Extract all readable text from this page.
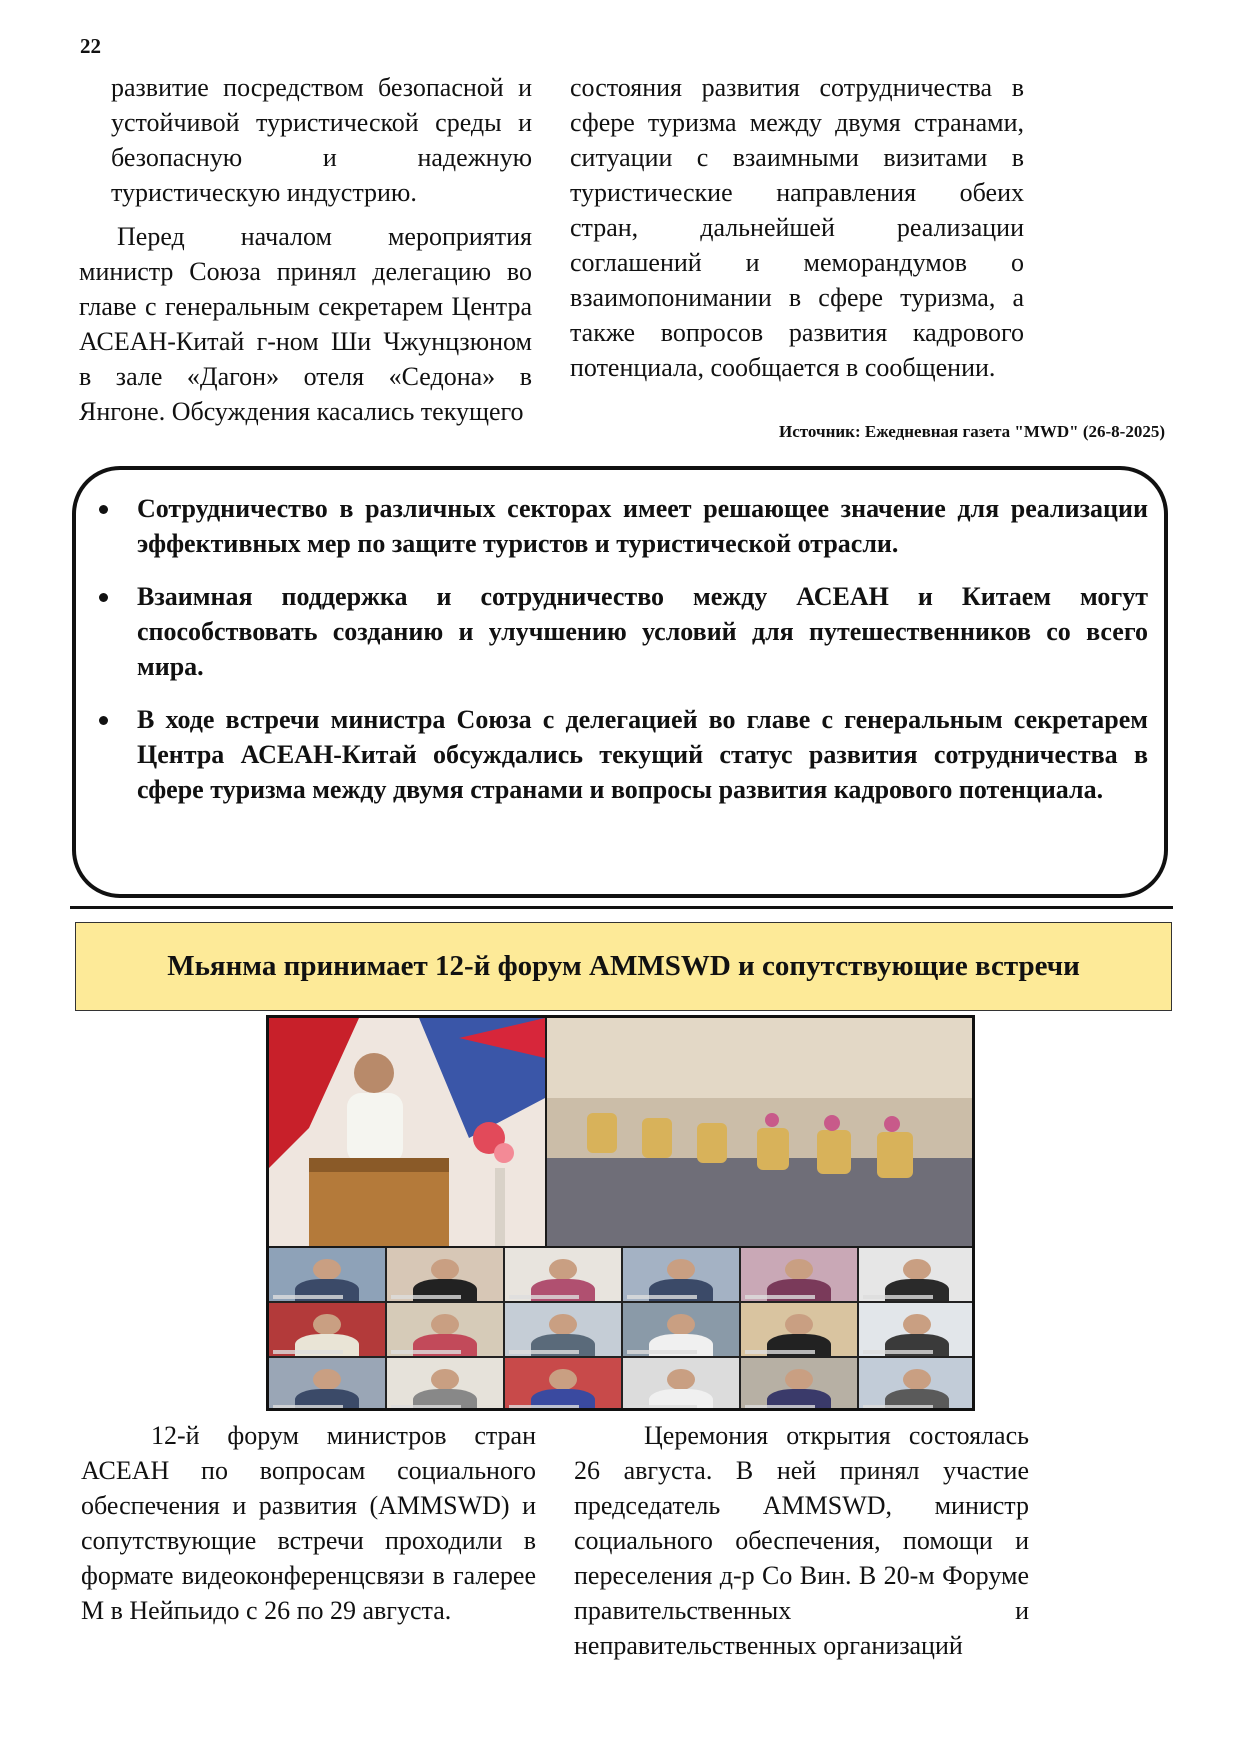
22

развитие посредством безопасной и устойчивой туристической среды и безопасную и надежную туристическую индустрию.

Перед началом мероприятия министр Союза принял делегацию во главе с генеральным секретарем Центра АСЕАН-Китай г-ном Ши Чжунцзюном в зале «Дагон» отеля «Седона» в Янгоне. Обсуждения касались текущего

состояния развития сотрудничества в сфере туризма между двумя странами, ситуации с взаимными визитами в туристические направления обеих стран, дальнейшей реализации соглашений и меморандумов о взаимопонимании в сфере туризма, а также вопросов развития кадрового потенциала, сообщается в сообщении.

Источник: Ежедневная газета "MWD" (26-8-2025)
Сотрудничество в различных секторах имеет решающее значение для реализации эффективных мер по защите туристов и туристической отрасли.
Взаимная поддержка и сотрудничество между АСЕАН и Китаем могут способствовать созданию и улучшению условий для путешественников со всего мира.
В ходе встречи министра Союза с делегацией во главе с генеральным секретарем Центра АСЕАН-Китай обсуждались текущий статус развития сотрудничества в сфере туризма между двумя странами и вопросы развития кадрового потенциала.
Мьянма принимает 12-й форум AMMSWD и сопутствующие встречи

12-й форум министров стран АСЕАН по вопросам социального обеспечения и развития (AMMSWD) и сопутствующие встречи проходили в формате видеоконференцсвязи в галерее M в Нейпьидо с 26 по 29 августа.

Церемония открытия состоялась 26 августа. В ней принял участие председатель AMMSWD, министр социального обеспечения, помощи и переселения д-р Со Вин. В 20-м Форуме правительственных и неправительственных организаций
